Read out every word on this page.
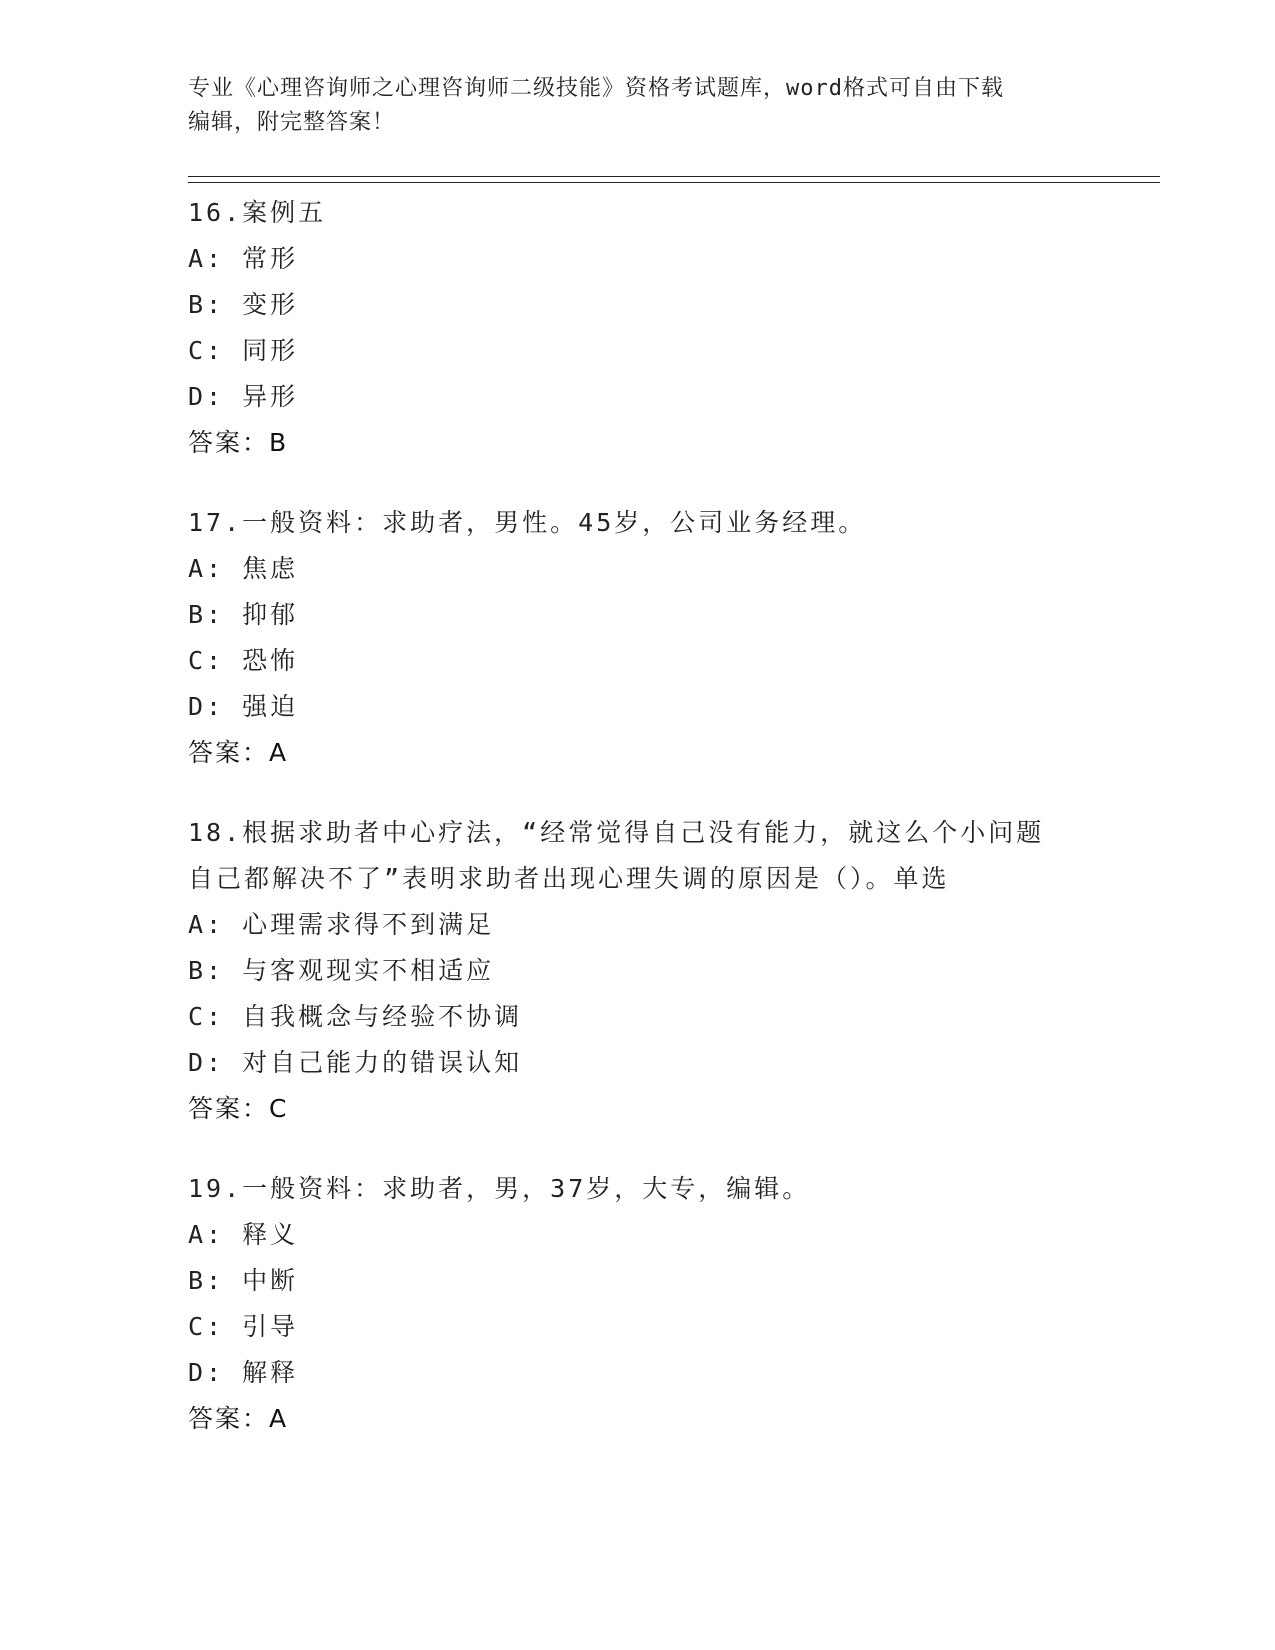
专业《心理咨询师之心理咨询师二级技能》资格考试题库，word格式可自由下载
编辑，附完整答案！
16.案例五
A: 常形
B: 变形
C: 同形
D: 异形
答案：B
17.一般资料：求助者，男性。45岁，公司业务经理。
A: 焦虑
B: 抑郁
C: 恐怖
D: 强迫
答案：A
18.根据求助者中心疗法，“经常觉得自己没有能力，就这么个小问题
自己都解决不了”表明求助者出现心理失调的原因是（）。单选
A: 心理需求得不到满足
B: 与客观现实不相适应
C: 自我概念与经验不协调
D: 对自己能力的错误认知
答案：C
19.一般资料：求助者，男，37岁，大专，编辑。
A: 释义
B: 中断
C: 引导
D: 解释
答案：A
